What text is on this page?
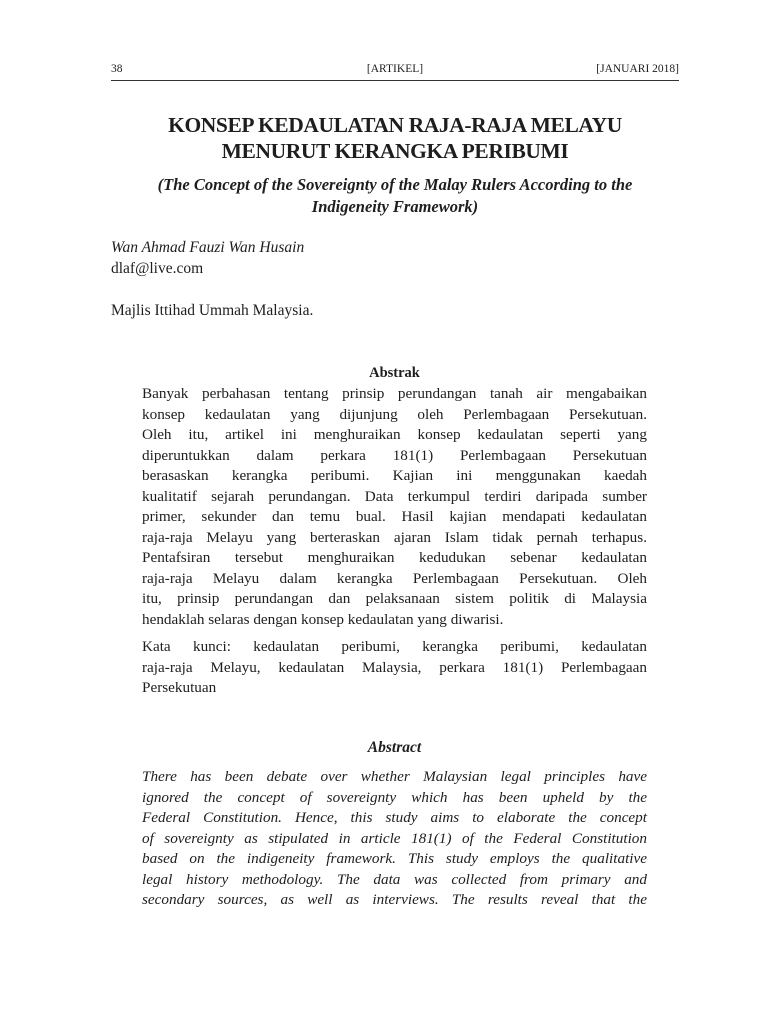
38	[ARTIKEL]	[JANUARI 2018]
KONSEP KEDAULATAN RAJA-RAJA MELAYU
MENURUT KERANGKA PERIBUMI
(The Concept of the Sovereignty of the Malay Rulers According to the
Indigeneity Framework)
Wan Ahmad Fauzi Wan Husain
dlaf@live.com
Majlis Ittihad Ummah Malaysia.
Abstrak
Banyak perbahasan tentang prinsip perundangan tanah air mengabaikan
konsep kedaulatan yang dijunjung oleh Perlembagaan Persekutuan.
Oleh itu, artikel ini menghuraikan konsep kedaulatan seperti yang
diperuntukkan dalam perkara 181(1) Perlembagaan Persekutuan
berasaskan kerangka peribumi. Kajian ini menggunakan kaedah
kualitatif sejarah perundangan. Data terkumpul terdiri daripada sumber
primer, sekunder dan temu bual. Hasil kajian mendapati kedaulatan
raja-raja Melayu yang berteraskan ajaran Islam tidak pernah terhapus.
Pentafsiran tersebut menghuraikan kedudukan sebenar kedaulatan
raja-raja Melayu dalam kerangka Perlembagaan Persekutuan. Oleh
itu, prinsip perundangan dan pelaksanaan sistem politik di Malaysia
hendaklah selaras dengan konsep kedaulatan yang diwarisi.
Kata kunci: kedaulatan peribumi, kerangka peribumi, kedaulatan
raja-raja Melayu, kedaulatan Malaysia, perkara 181(1) Perlembagaan
Persekutuan
Abstract
There has been debate over whether Malaysian legal principles have
ignored the concept of sovereignty which has been upheld by the
Federal Constitution. Hence, this study aims to elaborate the concept
of sovereignty as stipulated in article 181(1) of the Federal Constitution
based on the indigeneity framework. This study employs the qualitative
legal history methodology. The data was collected from primary and
secondary sources, as well as interviews. The results reveal that the
